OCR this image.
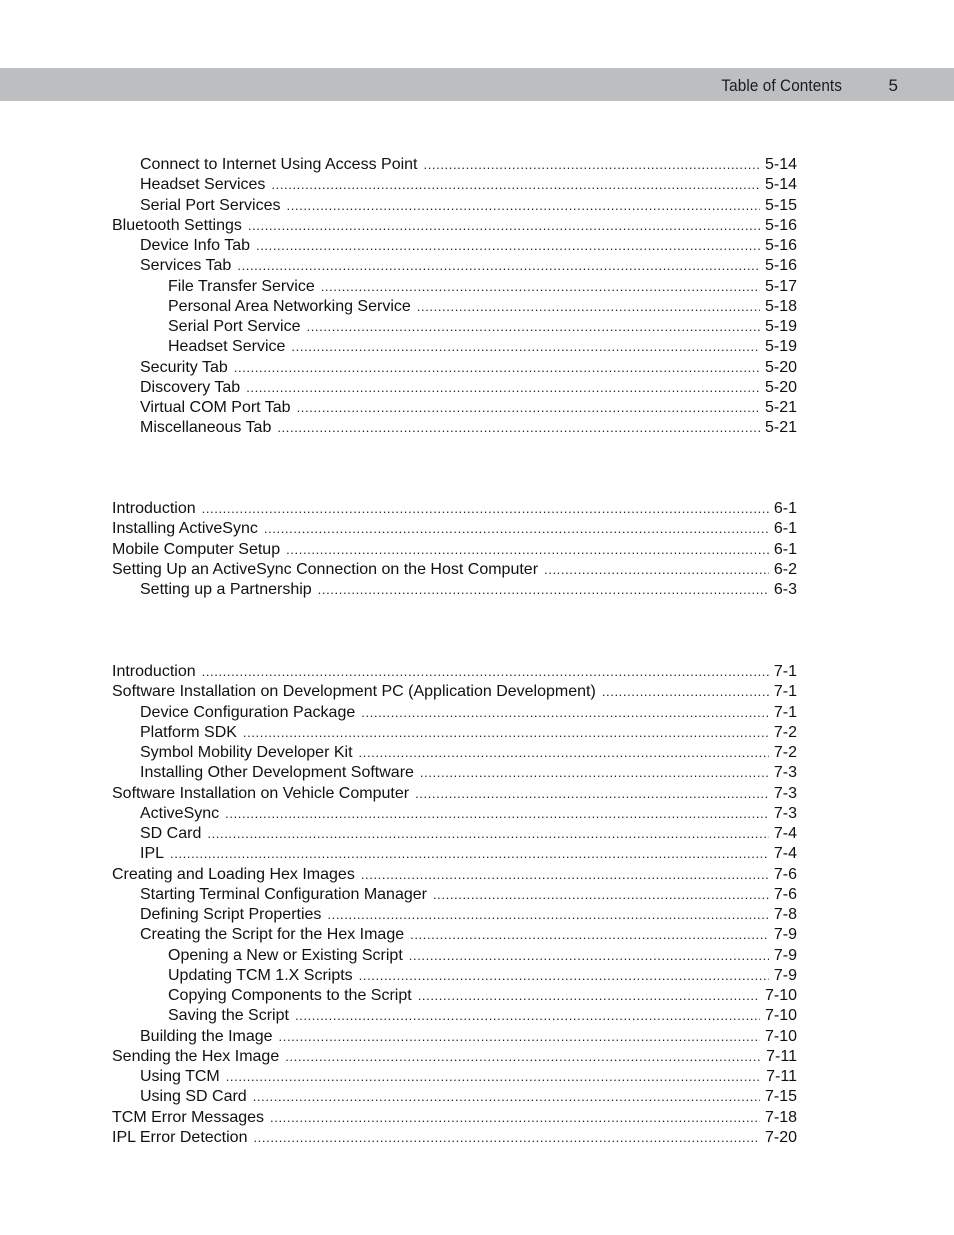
Table of Contents	5
Connect to Internet Using Access Point .....	5-14
Headset Services .....	5-14
Serial Port Services .....	5-15
Bluetooth Settings .....	5-16
Device Info Tab .....	5-16
Services Tab .....	5-16
File Transfer Service .....	5-17
Personal Area Networking Service .....	5-18
Serial Port Service .....	5-19
Headset Service .....	5-19
Security Tab .....	5-20
Discovery Tab .....	5-20
Virtual COM Port Tab .....	5-21
Miscellaneous Tab .....	5-21
Introduction .....	6-1
Installing ActiveSync .....	6-1
Mobile Computer Setup .....	6-1
Setting Up an ActiveSync Connection on the Host Computer .....	6-2
Setting up a Partnership .....	6-3
Introduction .....	7-1
Software Installation on Development PC (Application Development) .....	7-1
Device Configuration Package .....	7-1
Platform SDK .....	7-2
Symbol Mobility Developer Kit .....	7-2
Installing Other Development Software .....	7-3
Software Installation on Vehicle Computer .....	7-3
ActiveSync .....	7-3
SD Card .....	7-4
IPL .....	7-4
Creating and Loading Hex Images .....	7-6
Starting Terminal Configuration Manager .....	7-6
Defining Script Properties .....	7-8
Creating the Script for the Hex Image .....	7-9
Opening a New or Existing Script .....	7-9
Updating TCM 1.X Scripts .....	7-9
Copying Components to the Script .....	7-10
Saving the Script .....	7-10
Building the Image .....	7-10
Sending the Hex Image .....	7-11
Using TCM .....	7-11
Using SD Card .....	7-15
TCM Error Messages .....	7-18
IPL Error Detection .....	7-20
